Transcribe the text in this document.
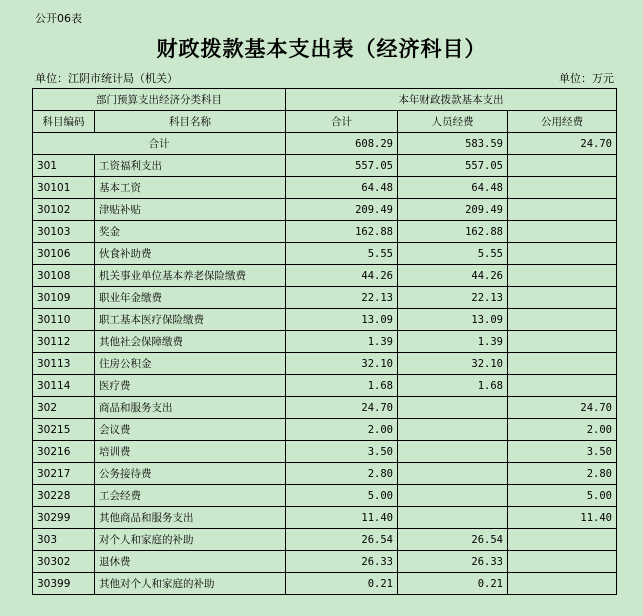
公开06表
财政拨款基本支出表（经济科目）
单位：江阴市统计局（机关）	单位：万元
部门预算支出经济分类科目		本年财政拨款基本支出		
科目编码	科目名称	合计	人员经费	公用经费
合计		608.29	583.59	24.70
301	工资福利支出	557.05	557.05	
30101	基本工资	64.48	64.48	
30102	津贴补贴	209.49	209.49	
30103	奖金	162.88	162.88	
30106	伙食补助费	5.55	5.55	
30108	机关事业单位基本养老保险缴费	44.26	44.26	
30109	职业年金缴费	22.13	22.13	
30110	职工基本医疗保险缴费	13.09	13.09	
30112	其他社会保障缴费	1.39	1.39	
30113	住房公积金	32.10	32.10	
30114	医疗费	1.68	1.68	
302	商品和服务支出	24.70		24.70
30215	会议费	2.00		2.00
30216	培训费	3.50		3.50
30217	公务接待费	2.80		2.80
30228	工会经费	5.00		5.00
30299	其他商品和服务支出	11.40		11.40
303	对个人和家庭的补助	26.54	26.54	
30302	退休费	26.33	26.33	
30399	其他对个人和家庭的补助	0.21	0.21	
